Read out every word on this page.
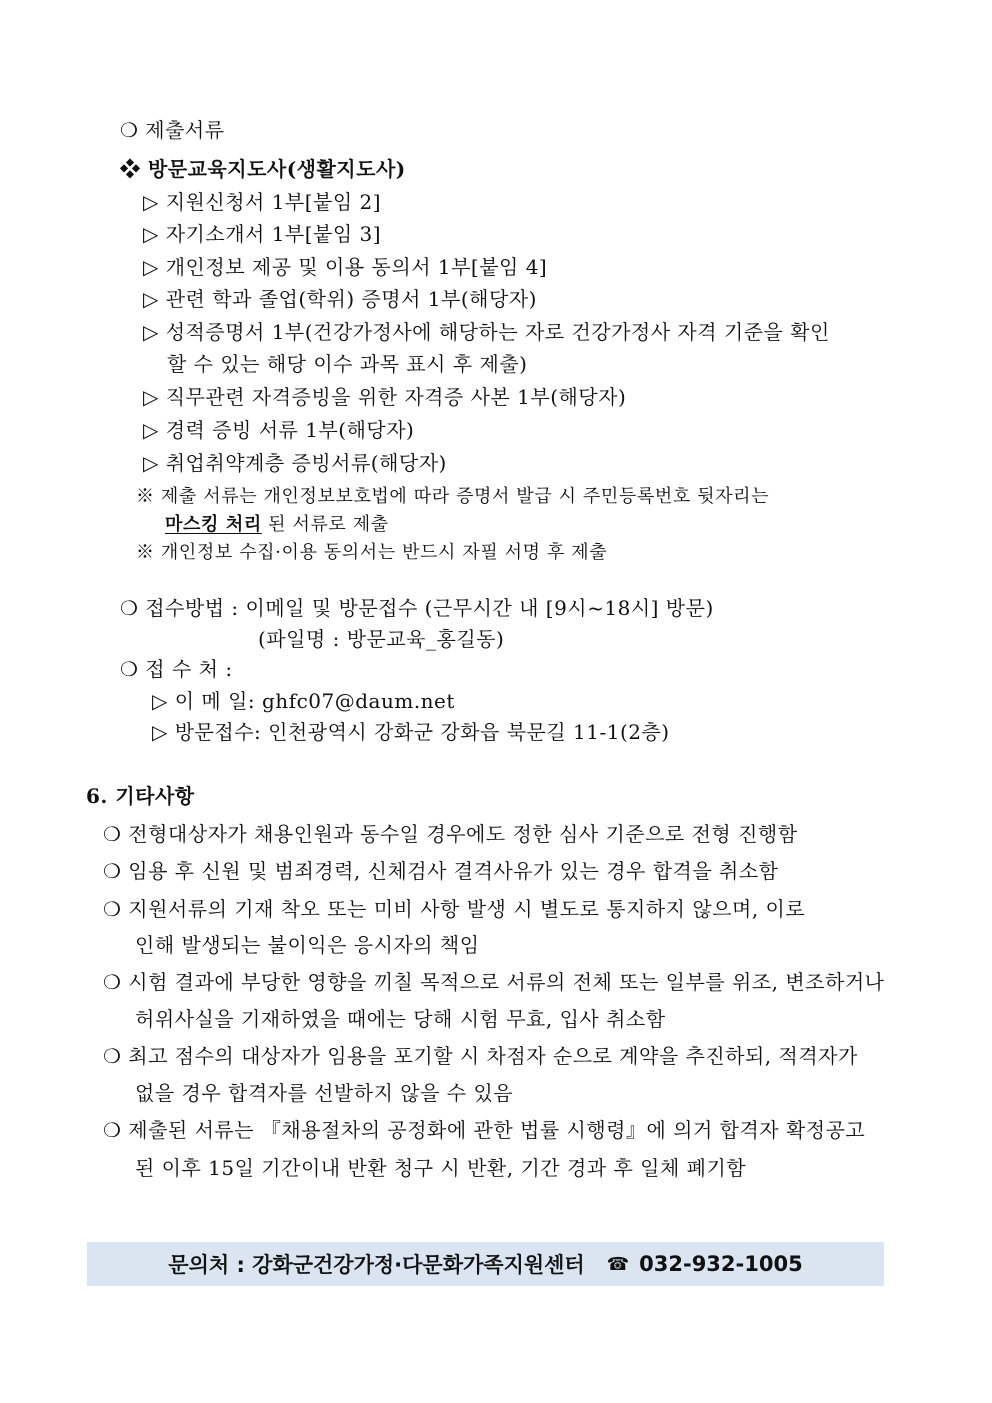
❍ 제출서류
❖ 방문교육지도사(생활지도사)
▷ 지원신청서 1부[붙임 2]
▷ 자기소개서 1부[붙임 3]
▷ 개인정보 제공 및 이용 동의서 1부[붙임 4]
▷ 관련 학과 졸업(학위) 증명서 1부(해당자)
▷ 성적증명서 1부(건강가정사에 해당하는 자로 건강가정사 자격 기준을 확인
할 수 있는 해당 이수 과목 표시 후 제출)
▷ 직무관련 자격증빙을 위한 자격증 사본 1부(해당자)
▷ 경력 증빙 서류 1부(해당자)
▷ 취업취약계층 증빙서류(해당자)
※ 제출 서류는 개인정보보호법에 따라 증명서 발급 시 주민등록번호 뒷자리는
마스킹 처리 된 서류로 제출
※ 개인정보 수집·이용 동의서는 반드시 자필 서명 후 제출
❍ 접수방법 : 이메일 및 방문접수 (근무시간 내 [9시~18시] 방문)
(파일명 : 방문교육_홍길동)
❍ 접 수 처 :
▷ 이 메 일: ghfc07@daum.net
▷ 방문접수: 인천광역시 강화군 강화읍 북문길 11-1(2층)
6. 기타사항
❍ 전형대상자가 채용인원과 동수일 경우에도 정한 심사 기준으로 전형 진행함
❍ 임용 후 신원 및 범죄경력, 신체검사 결격사유가 있는 경우 합격을 취소함
❍ 지원서류의 기재 착오 또는 미비 사항 발생 시 별도로 통지하지 않으며, 이로
인해 발생되는 불이익은 응시자의 책임
❍ 시험 결과에 부당한 영향을 끼칠 목적으로 서류의 전체 또는 일부를 위조, 변조하거나
허위사실을 기재하였을 때에는 당해 시험 무효, 입사 취소함
❍ 최고 점수의 대상자가 임용을 포기할 시 차점자 순으로 계약을 추진하되, 적격자가
없을 경우 합격자를 선발하지 않을 수 있음
❍ 제출된 서류는 『채용절차의 공정화에 관한 법률 시행령』에 의거 합격자 확정공고
된 이후 15일 기간이내 반환 청구 시 반환, 기간 경과 후 일체 폐기함
문의처 : 강화군건강가정·다문화가족지원센터 ☎ 032-932-1005
